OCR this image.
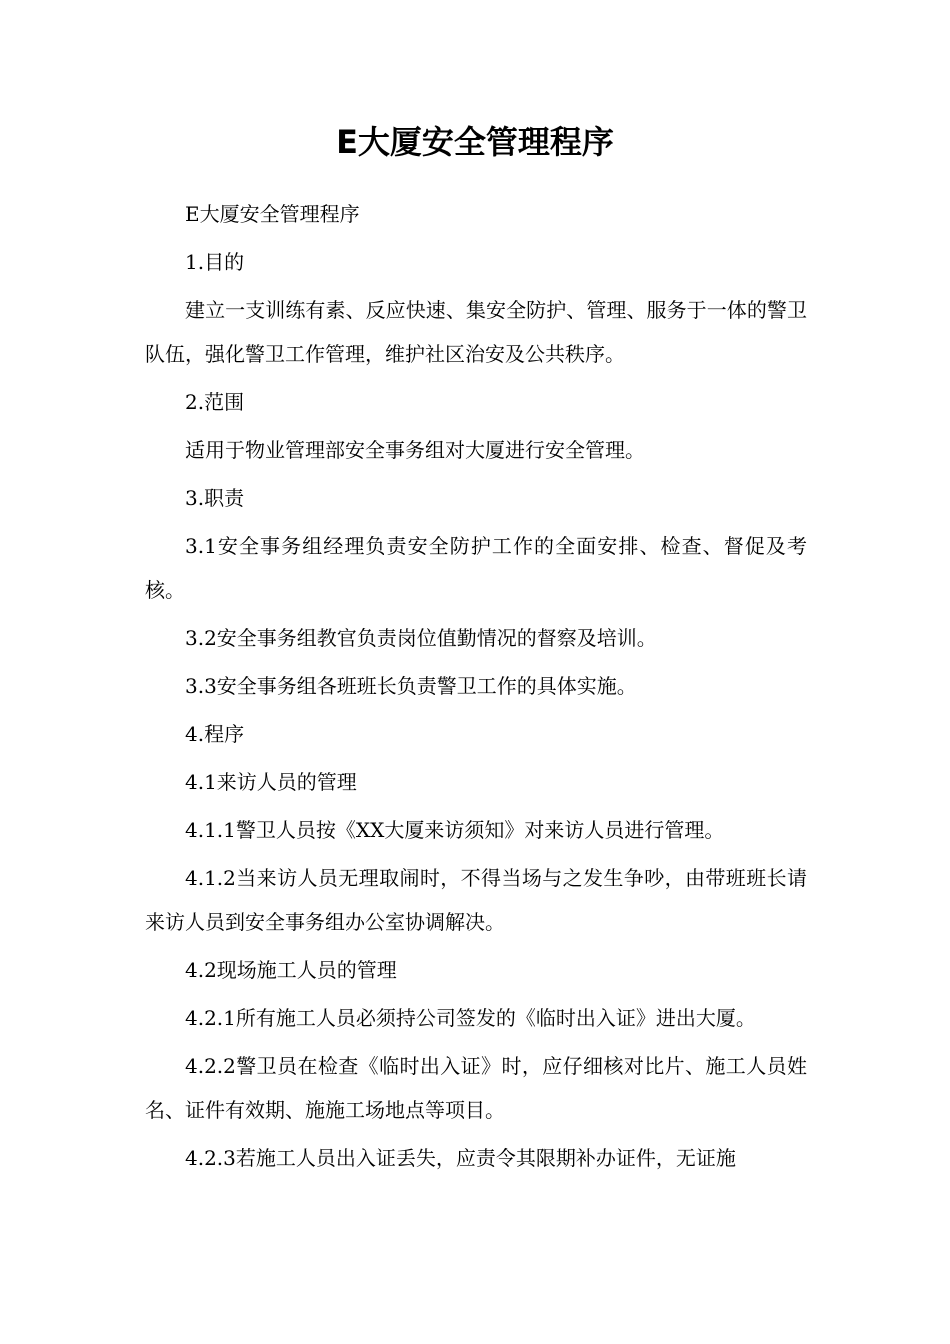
E大厦安全管理程序

E大厦安全管理程序

1.目的

建立一支训练有素、反应快速、集安全防护、管理、服务于一体的警卫队伍，强化警卫工作管理，维护社区治安及公共秩序。

2.范围

适用于物业管理部安全事务组对大厦进行安全管理。

3.职责

3.1安全事务组经理负责安全防护工作的全面安排、检查、督促及考核。

3.2安全事务组教官负责岗位值勤情况的督察及培训。

3.3安全事务组各班班长负责警卫工作的具体实施。

4.程序

4.1来访人员的管理

4.1.1警卫人员按《XX大厦来访须知》对来访人员进行管理。

4.1.2当来访人员无理取闹时，不得当场与之发生争吵，由带班班长请来访人员到安全事务组办公室协调解决。

4.2现场施工人员的管理

4.2.1所有施工人员必须持公司签发的《临时出入证》进出大厦。

4.2.2警卫员在检查《临时出入证》时，应仔细核对比片、施工人员姓名、证件有效期、施施工场地点等项目。

4.2.3若施工人员出入证丢失，应责令其限期补办证件，无证施
